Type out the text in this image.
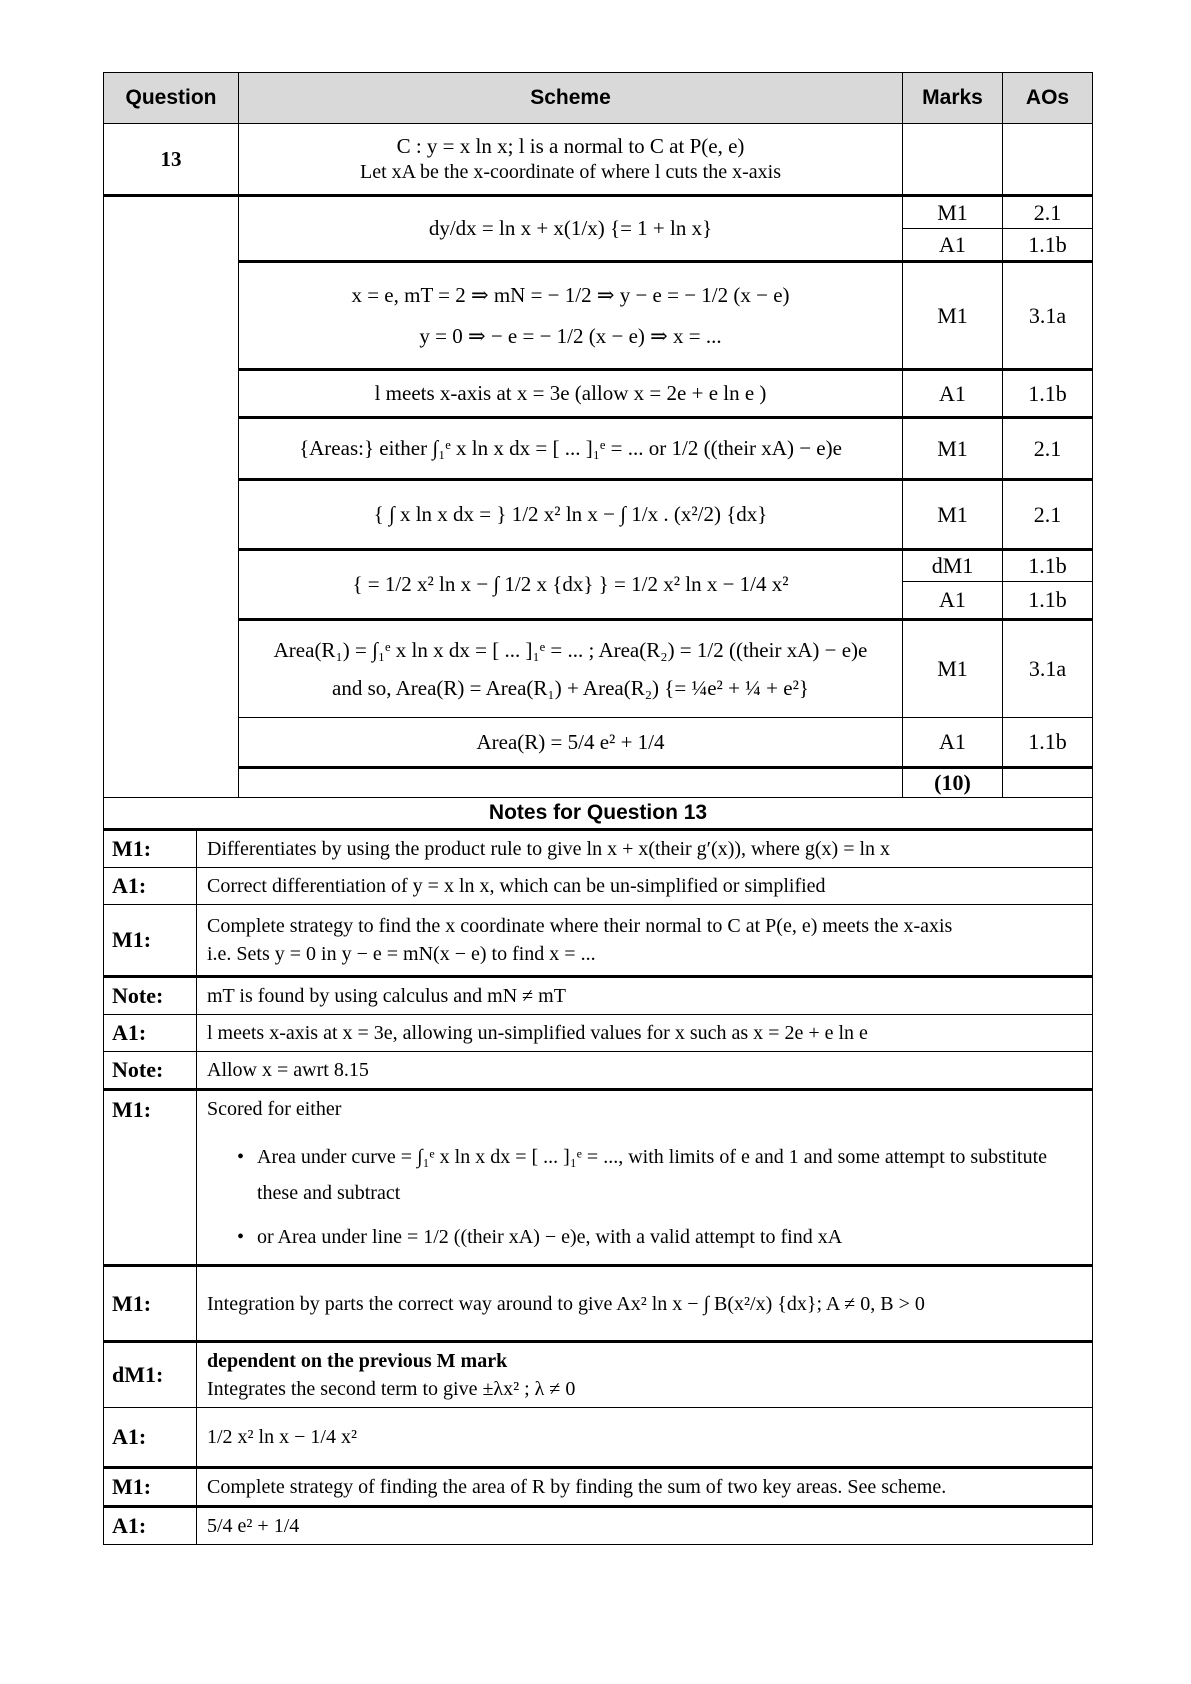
Question	Scheme	Marks	AOs
13	C : y = x ln x; l is a normal to C at P(e, e)
Let xA be the x-coordinate of where l cuts the x-axis		

	dy/dx = ln x + x(1/x) {= 1 + ln x}	M1	2.1
		A1	1.1b

	x = e, mT = 2 ⇒ mN = − 1/2 ⇒ y − e = − 1/2 (x − e)
y = 0 ⇒ − e = − 1/2 (x − e) ⇒ x = ...	M1	3.1a
	l meets x-axis at x = 3e (allow x = 2e + e ln e )	A1	1.1b
	{Areas:} either ∫₁ᵉ x ln x dx = [ ... ]₁ᵉ = ... or 1/2 ((their xA) − e)e	M1	2.1
	{ ∫ x ln x dx = } 1/2 x² ln x − ∫ 1/x . (x²/2) {dx}	M1	2.1
	{ = 1/2 x² ln x − ∫ 1/2 x {dx} } = 1/2 x² ln x − 1/4 x²	dM1	1.1b
		A1	1.1b

	Area(R₁) = ∫₁ᵉ x ln x dx = [ ... ]₁ᵉ = ... ; Area(R₂) = 1/2 ((their xA) − e)e
and so, Area(R) = Area(R₁) + Area(R₂) {= ¼e² + ¼ + e²}	M1	3.1a
	Area(R) = 5/4 e² + 1/4	A1	1.1b
		(10)	
Notes for Question 13	
M1:	Differentiates by using the product rule to give ln x + x(their g′(x)), where g(x) = ln x
A1:	Correct differentiation of y = x ln x, which can be un-simplified or simplified
M1:	Complete strategy to find the x coordinate where their normal to C at P(e, e) meets the x-axis
i.e. Sets y = 0 in y − e = mN(x − e) to find x = ...

Note:	mT is found by using calculus and mN ≠ mT
A1:	l meets x-axis at x = 3e, allowing un-simplified values for x such as x = 2e + e ln e
Note:	Allow x = awrt 8.15
M1:	Scored for either
• Area under curve = ∫₁ᵉ x ln x dx = [ ... ]₁ᵉ = ..., with limits of e and 1 and some attempt to substitute these and subtract
• or Area under line = 1/2 ((their xA) − e)e, with a valid attempt to find xA

M1:	Integration by parts the correct way around to give Ax² ln x − ∫ B(x²/x) {dx}; A ≠ 0, B > 0
dM1:	dependent on the previous M mark
Integrates the second term to give ±λx² ; λ ≠ 0

A1:	1/2 x² ln x − 1/4 x²
M1:	Complete strategy of finding the area of R by finding the sum of two key areas. See scheme.
A1:	5/4 e² + 1/4
